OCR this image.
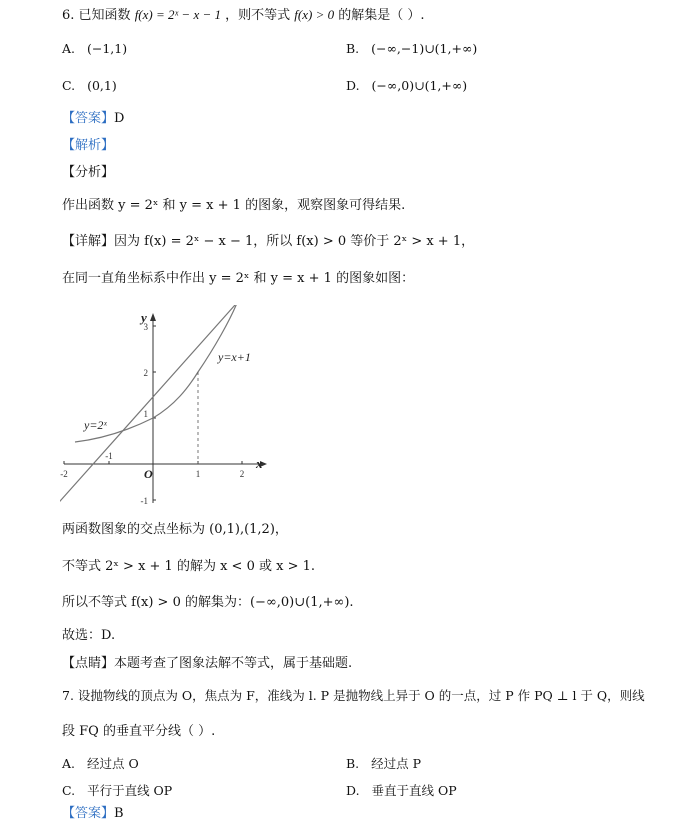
6. 已知函数 f(x) = 2ˣ − x − 1 ，则不等式 f(x) > 0 的解集是（ ）.
A. (−1,1)	B. (−∞,−1)∪(1,+∞)
C. (0,1)	D. (−∞,0)∪(1,+∞)
【答案】D
【解析】
【分析】
作出函数 y = 2ˣ 和 y = x + 1 的图象，观察图象可得结果.
【详解】因为 f(x) = 2ˣ − x − 1，所以 f(x) > 0 等价于 2ˣ > x + 1，
在同一直角坐标系中作出 y = 2ˣ 和 y = x + 1 的图象如图：
-2
-1
1	2
3
2
1
-1
y
x
O
y=2ˣ
y=x+1
两函数图象的交点坐标为 (0,1),(1,2)，
不等式 2ˣ > x + 1 的解为 x < 0 或 x > 1.
所以不等式 f(x) > 0 的解集为：(−∞,0)∪(1,+∞).
故选：D.
【点睛】本题考查了图象法解不等式，属于基础题.
7. 设抛物线的顶点为 O，焦点为 F，准线为 l. P 是抛物线上异于 O 的一点，过 P 作 PQ ⊥ l 于 Q，则线
段 FQ 的垂直平分线（ ）.
A. 经过点 O	B. 经过点 P
C. 平行于直线 OP	D. 垂直于直线 OP
【答案】B
